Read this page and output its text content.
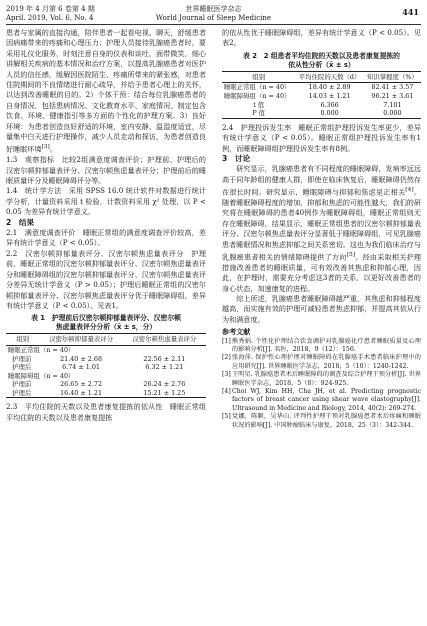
2019 年 4 月第 6 卷第 4 期
April. 2019, Vol. 6, No. 4
世界睡眠医学杂志
World Journal of Sleep Medicine
441

患者与家属的直接沟通，陪伴患者一起看电视、聊天，舒缓患者因病痛带来的疼痛和心理压力；护理人员接待乳腺癌患者时，要采用礼仪化服务，时刻注意自身的仪表和谈吐，面带微笑，细心讲解相关疾病的基本情况和治疗方案，以提高乳腺癌患者对医护人员的信任感，缓解因医院陌生、疼痛所带来的紧张感，对患者住院期间的不良情绪进行耐心疏导，并给予患者心理上的关怀，以达到改善睡眠的目的。2）个体干预：结合每位乳腺癌患者的自身情况，包括患病情况、文化教育水平、家庭情况、制定包含饮食、环境、健康指引等多方面的个性化的护理方案。3）良好环境：为患者创造良好舒适的环境，室内安静、温湿度适宜，尽量集中白天进行护理操作，减少人员走动和探访，为患者创造良好睡眠环境[3]。

1.3　观察指标　比较2组满意度调查评价；护理前、护理后的汉密尔顿抑郁量表评分、汉密尔顿焦虑量表评分；护理前后的睡眠质量评分及睡眠障碍评分等。

1.4　统计学方法　采用 SPSS 16.0 统计软件对数据进行统计学分析，计量资料采用 t 检验，计数资料采用 χ² 处理，以 P < 0.05 为差异有统计学意义。

2　结果

2.1　满意度调查评价　睡眠正常组的满意度调查评价较高，差异有统计学意义（P < 0.05）。

2.2　汉密尔顿抑郁量表评分、汉密尔顿焦虑量表评分　护理前，睡眠正常组的汉密尔顿抑郁量表评分、汉密尔顿焦虑量表评分和睡眠障碍组的汉密尔顿抑郁量表评分、汉密尔顿焦虑量表评分差异无统计学意义（P > 0.05）；护理后睡眠正常组的汉密尔顿抑郁量表评分、汉密尔顿焦虑量表评分优于睡眠障碍组，差异有统计学意义（P < 0.05）。见表1。

表 1　护理前后汉密尔顿抑郁量表评分、汉密尔顿
焦虑量表评分分析（x̄ ± s，分）
组别	汉密尔顿抑郁量表评分	汉密尔顿焦虑量表评分
睡眠正常组（n = 40）		
护理前	21.40 ± 2.68	22.56 ± 2.11
护理后	6.74 ± 1.01	6.32 ± 1.21
睡眠障碍组（n = 40）		
护理前	26.65 ± 2.72	26.24 ± 2.76
护理后	16.40 ± 1.21	15.21 ± 1.25

2.3　平均住院的天数以及患者康复提拣的依从性　睡眠正常组平均住院的天数以及患者康复提拣

的依从性优于睡眠障碍组，差异有统计学意义（P < 0.05）。见表2。

表 2　2 组患者平均住院的天数以及患者康复提拣的
依从性分析（x̄ ± s）
组别	平均住院的天数（d）	知识掌握度（%）
睡眠正常组（n = 40）	18.40 ± 2.89	82.41 ± 3.57
睡眠障碍组（n = 40）	14.03 ± 1.21	96.21 ± 3.61
t 值	6.366	7.101
P 值	0.000	0.000

2.4　护理投诉发生率　睡眠正常组护理投诉发生率更少，差异有统计学意义（P < 0.05）。睡眠正常组护理投诉发生率有1例，而睡眠障碍组护理投诉发生率有8例。

3　讨论

研究显示，乳腺癌患者有不同程度的睡眠障碍，发病率远远高于同年龄组的健康人群，即使在临床恢复后，睡眠障碍仍然存在很长时间。研究显示，睡眠障碍与抑郁和焦虑是正相关[4]。随着睡眠障碍程度的增加，抑郁和焦虑的可能性越大，我们的研究将在睡眠障碍的患者40例作为睡眠障碍组，睡眠正常组则无存在睡眠障碍，结果显示，睡眠正常组患者的汉密尔顿抑郁量表评分、汉密尔顿焦虑量表评分显著低于睡眠障碍组，可见乳腺癌患者睡眠情况和焦虑抑郁之间关系密切。这也为我们临床治疗与乳腺癌患者相关的情绪障碍提供了方向[5]。经由采取相关护理措施改善患者的睡眠质量，可有效改善其焦虑和抑郁心理，因此，在护理时，需要充分考虑这3者的关系，以更好改善患者的身心状态，加速康复的进程。

综上所述，乳腺癌患者睡眠障碍越严重，其焦虑和抑郁程度越高，而实施有效的护理可减轻患者焦虑抑郁，并提高其依从行为和满意度。

参考文献

[1] 熊秀娟. 个性化护理结合饮食调护对乳腺癌化疗患者睡眠质量及心理的影响分析[J]. 名医，2018，9（12）：156.

[2] 张海萍. 保护性心理护理对睡眠障碍在乳腺癌手术患者临床护理中的应用研究[J]. 世界睡眠医学杂志，2018，5（10）：1240-1242.

[3] 王明星. 乳腺癌患者术后睡眠障碍的调查及综合护理干预分析[J]. 世界睡眠医学杂志，2018，5（8）：924-925.

[4] Choi WJ, Kim HH, Cha JH, et al. Predicting prognostic factors of breast cancer using shear wave elastography[J]. Ultrasound in Medicine and Biology, 2014, 40(2): 269-274.

[5] 党娜，陈颖，吴华山. 评判性护理干预对乳腺癌患者术后疼痛和睡眠状况的影响[J]. 中国肿瘤临床与康复，2018，25（3）：342-344.
